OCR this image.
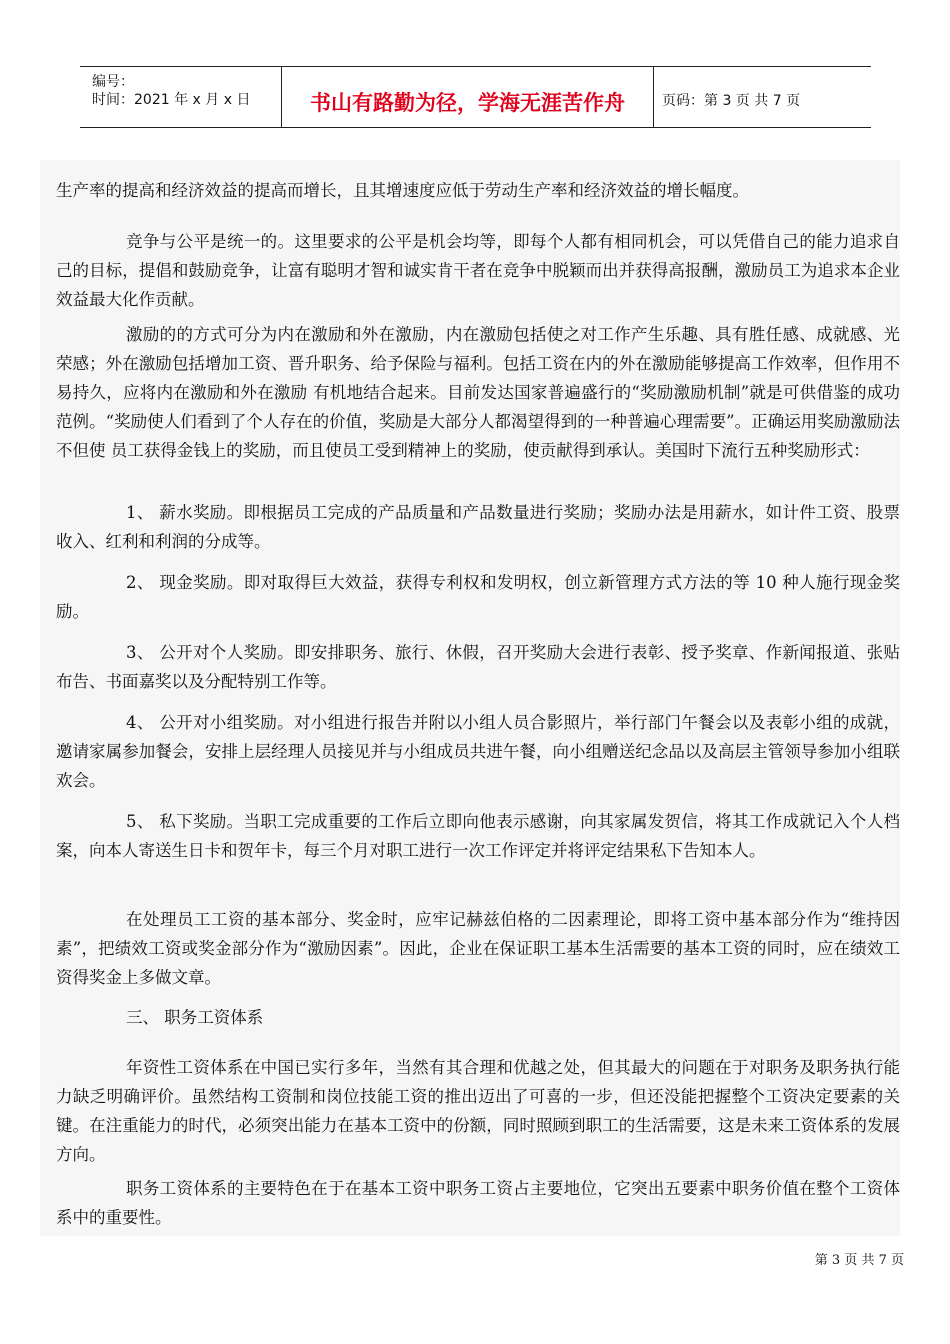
编号：
时间：2021 年 x 月 x 日	书山有路勤为径，学海无涯苦作舟	页码：第 3 页 共 7 页
生产率的提高和经济效益的提高而增长，且其增速度应低于劳动生产率和经济效益的增长幅度。
竞争与公平是统一的。这里要求的公平是机会均等，即每个人都有相同机会，可以凭借自己的能力追求自己的目标，提倡和鼓励竞争，让富有聪明才智和诚实肯干者在竞争中脱颖而出并获得高报酬，激励员工为追求本企业效益最大化作贡献。
激励的的方式可分为内在激励和外在激励，内在激励包括使之对工作产生乐趣、具有胜任感、成就感、光荣感；外在激励包括增加工资、晋升职务、给予保险与福利。包括工资在内的外在激励能够提高工作效率，但作用不易持久，应将内在激励和外在激励 有机地结合起来。目前发达国家普遍盛行的“奖励激励机制”就是可供借鉴的成功范例。“奖励使人们看到了个人存在的价值，奖励是大部分人都渴望得到的一种普遍心理需要”。正确运用奖励激励法不但使 员工获得金钱上的奖励，而且使员工受到精神上的奖励，使贡献得到承认。美国时下流行五种奖励形式：
1、 薪水奖励。即根据员工完成的产品质量和产品数量进行奖励；奖励办法是用薪水，如计件工资、股票收入、红利和利润的分成等。
2、 现金奖励。即对取得巨大效益，获得专利权和发明权，创立新管理方式方法的等 10 种人施行现金奖励。
3、 公开对个人奖励。即安排职务、旅行、休假，召开奖励大会进行表彰、授予奖章、作新闻报道、张贴布告、书面嘉奖以及分配特别工作等。
4、 公开对小组奖励。对小组进行报告并附以小组人员合影照片，举行部门午餐会以及表彰小组的成就，邀请家属参加餐会，安排上层经理人员接见并与小组成员共进午餐，向小组赠送纪念品以及高层主管领导参加小组联欢会。
5、 私下奖励。当职工完成重要的工作后立即向他表示感谢，向其家属发贺信，将其工作成就记入个人档案，向本人寄送生日卡和贺年卡，每三个月对职工进行一次工作评定并将评定结果私下告知本人。
在处理员工工资的基本部分、奖金时，应牢记赫兹伯格的二因素理论，即将工资中基本部分作为“维持因素”，把绩效工资或奖金部分作为“激励因素”。因此，企业在保证职工基本生活需要的基本工资的同时，应在绩效工资得奖金上多做文章。
三、 职务工资体系
年资性工资体系在中国已实行多年，当然有其合理和优越之处，但其最大的问题在于对职务及职务执行能力缺乏明确评价。虽然结构工资制和岗位技能工资的推出迈出了可喜的一步，但还没能把握整个工资决定要素的关键。在注重能力的时代，必须突出能力在基本工资中的份额，同时照顾到职工的生活需要，这是未来工资体系的发展方向。
职务工资体系的主要特色在于在基本工资中职务工资占主要地位，它突出五要素中职务价值在整个工资体系中的重要性。
第 3 页 共 7 页
